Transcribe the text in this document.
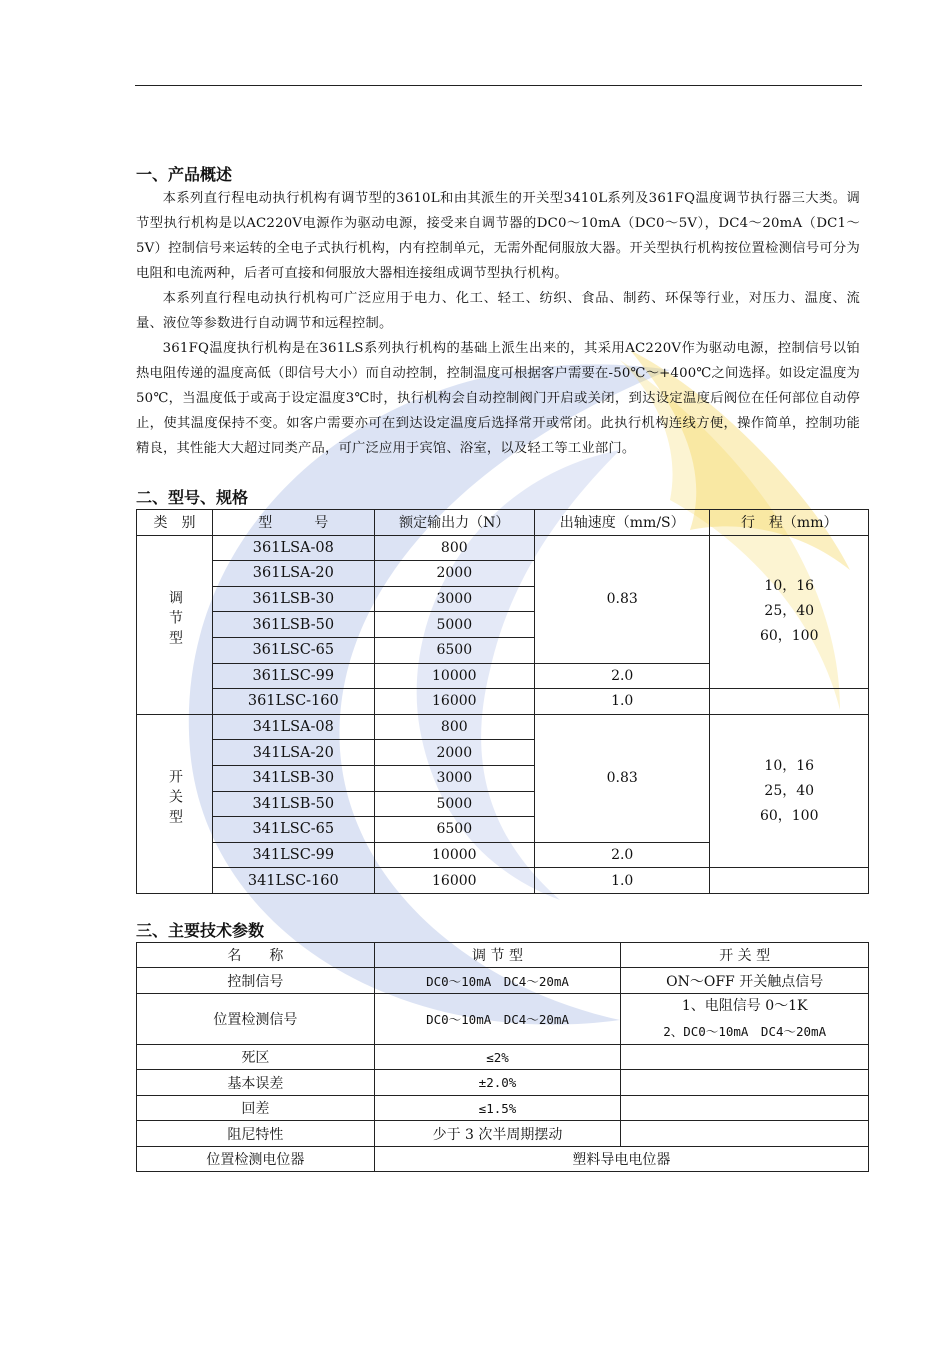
一、产品概述

本系列直行程电动执行机构有调节型的3610L和由其派生的开关型3410L系列及361FQ温度调节执行器三大类。调节型执行机构是以AC220V电源作为驱动电源，接受来自调节器的DC0～10mA（DC0～5V），DC4～20mA（DC1～5V）控制信号来运转的全电子式执行机构，内有控制单元，无需外配伺服放大器。开关型执行机构按位置检测信号可分为电阻和电流两种，后者可直接和伺服放大器相连接组成调节型执行机构。

本系列直行程电动执行机构可广泛应用于电力、化工、轻工、纺织、食品、制药、环保等行业，对压力、温度、流量、液位等参数进行自动调节和远程控制。

361FQ温度执行机构是在361LS系列执行机构的基础上派生出来的，其采用AC220V作为驱动电源，控制信号以铂热电阻传递的温度高低（即信号大小）而自动控制，控制温度可根据客户需要在-50℃～+400℃之间选择。如设定温度为50℃，当温度低于或高于设定温度3℃时，执行机构会自动控制阀门开启或关闭，到达设定温度后阀位在任何部位自动停止，使其温度保持不变。如客户需要亦可在到达设定温度后选择常开或常闭。此执行机构连线方便，操作简单，控制功能精良，其性能大大超过同类产品，可广泛应用于宾馆、浴室，以及轻工等工业部门。

二、型号、规格
类　别	型　　　号	额定输出力（N）	出轴速度（mm/S）	行　程（mm）
调节型	361LSA-08	800	0.83	10，16
25，40
60，100

	361LSA-20	2000		
	361LSB-30	3000		
	361LSB-50	5000		
	361LSC-65	6500		
	361LSC-99	10000	2.0	
	361LSC-160	16000	1.0	
开关型	341LSA-08	800	0.83	10，16
25，40
60，100

	341LSA-20	2000		
	341LSB-30	3000		
	341LSB-50	5000		
	341LSC-65	6500		
	341LSC-99	10000	2.0	
	341LSC-160	16000	1.0	
三、主要技术参数
名　　称	调 节 型	开 关 型
控制信号	DC0～10mA　DC4～20mA	ON～OFF 开关触点信号
位置检测信号	DC0～10mA　DC4～20mA	1、电阻信号 0～1K
2、DC0～10mA　DC4～20mA

死区	≤2%	
基本误差	±2.0%	
回差	≤1.5%	
阻尼特性	少于 3 次半周期摆动	
位置检测电位器	塑料导电电位器	
